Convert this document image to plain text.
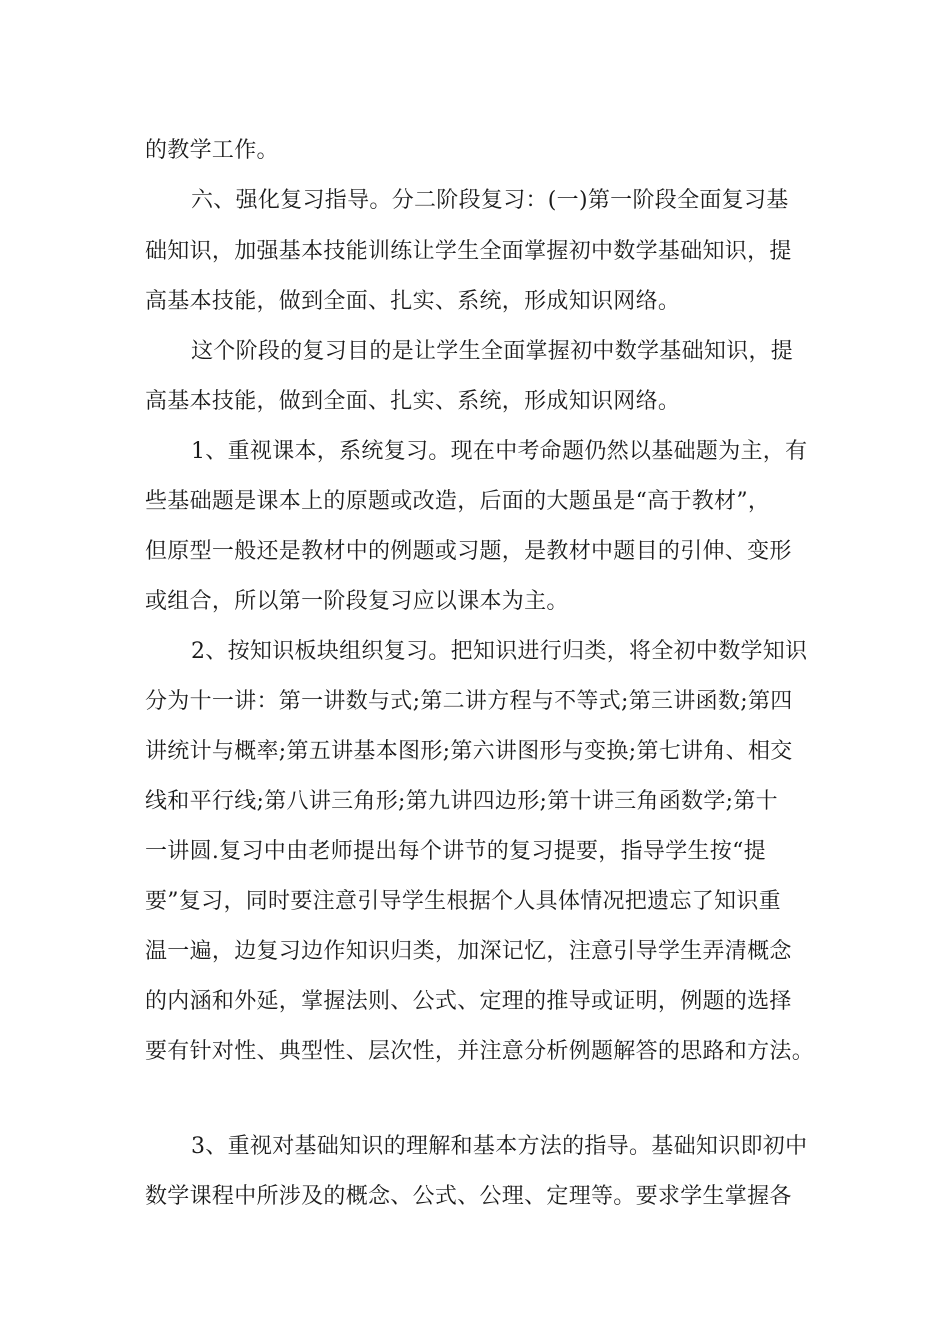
的教学工作。
六、强化复习指导。分二阶段复习：(一)第一阶段全面复习基
础知识，加强基本技能训练让学生全面掌握初中数学基础知识，提
高基本技能，做到全面、扎实、系统，形成知识网络。
这个阶段的复习目的是让学生全面掌握初中数学基础知识，提
高基本技能，做到全面、扎实、系统，形成知识网络。
1、重视课本，系统复习。现在中考命题仍然以基础题为主，有
些基础题是课本上的原题或改造，后面的大题虽是“高于教材”，
但原型一般还是教材中的例题或习题，是教材中题目的引伸、变形
或组合，所以第一阶段复习应以课本为主。
2、按知识板块组织复习。把知识进行归类，将全初中数学知识
分为十一讲：第一讲数与式;第二讲方程与不等式;第三讲函数;第四
讲统计与概率;第五讲基本图形;第六讲图形与变换;第七讲角、相交
线和平行线;第八讲三角形;第九讲四边形;第十讲三角函数学;第十
一讲圆.复习中由老师提出每个讲节的复习提要，指导学生按“提
要”复习，同时要注意引导学生根据个人具体情况把遗忘了知识重
温一遍，边复习边作知识归类，加深记忆，注意引导学生弄清概念
的内涵和外延，掌握法则、公式、定理的推导或证明，例题的选择
要有针对性、典型性、层次性，并注意分析例题解答的思路和方法。
3、重视对基础知识的理解和基本方法的指导。基础知识即初中
数学课程中所涉及的概念、公式、公理、定理等。要求学生掌握各
